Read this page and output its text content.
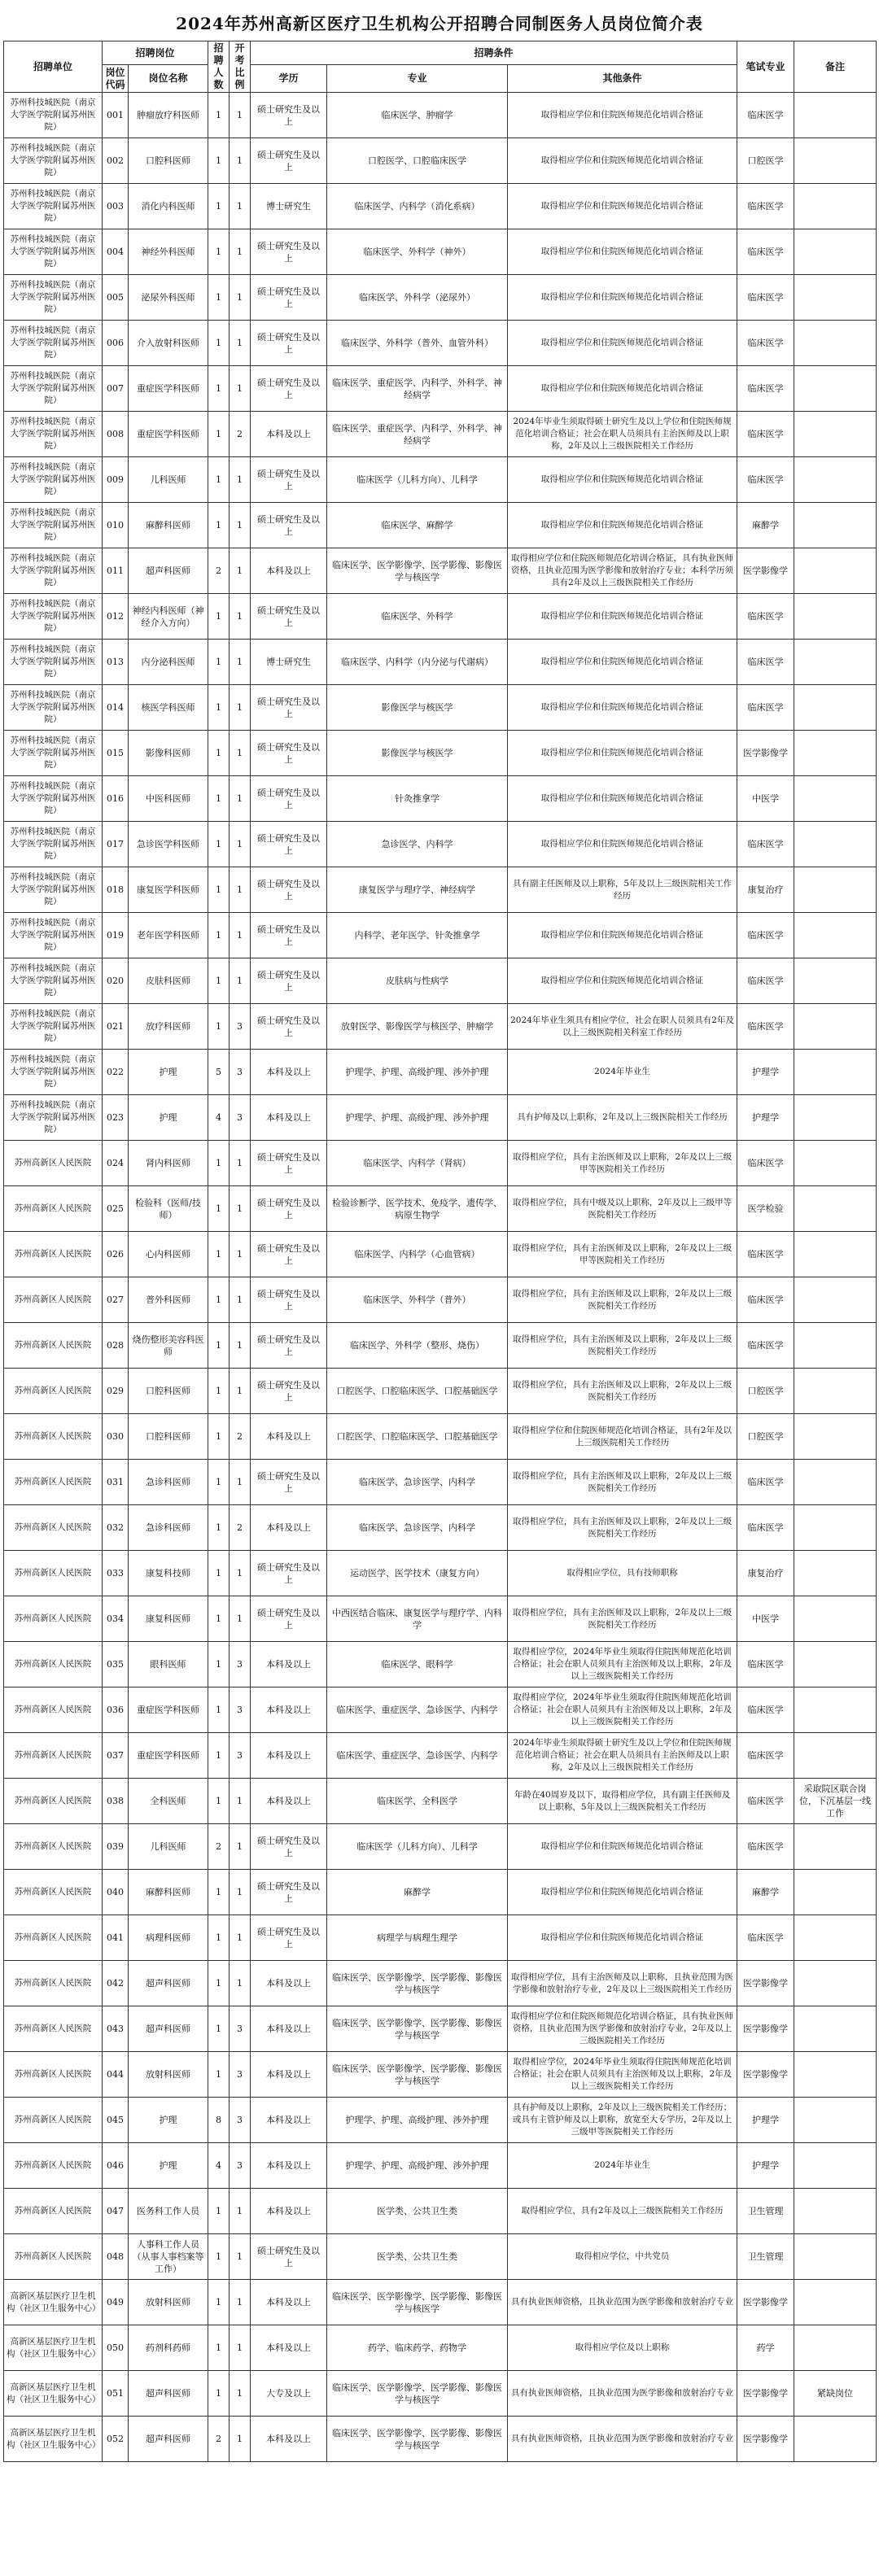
2024年苏州高新区医疗卫生机构公开招聘合同制医务人员岗位简介表
招聘单位	招聘岗位		招聘人数	开考比例	招聘条件			笔试专业	备注
	岗位代码	岗位名称			学历	专业	其他条件		
苏州科技城医院（南京大学医学院附属苏州医院）	001	肿瘤放疗科医师	1	1	硕士研究生及以上	临床医学、肿瘤学	取得相应学位和住院医师规范化培训合格证	临床医学	
苏州科技城医院（南京大学医学院附属苏州医院）	002	口腔科医师	1	1	硕士研究生及以上	口腔医学、口腔临床医学	取得相应学位和住院医师规范化培训合格证	口腔医学	
苏州科技城医院（南京大学医学院附属苏州医院）	003	消化内科医师	1	1	博士研究生	临床医学、内科学（消化系病）	取得相应学位和住院医师规范化培训合格证	临床医学	
苏州科技城医院（南京大学医学院附属苏州医院）	004	神经外科医师	1	1	硕士研究生及以上	临床医学、外科学（神外）	取得相应学位和住院医师规范化培训合格证	临床医学	
苏州科技城医院（南京大学医学院附属苏州医院）	005	泌尿外科医师	1	1	硕士研究生及以上	临床医学、外科学（泌尿外）	取得相应学位和住院医师规范化培训合格证	临床医学	
苏州科技城医院（南京大学医学院附属苏州医院）	006	介入放射科医师	1	1	硕士研究生及以上	临床医学、外科学（普外、血管外科）	取得相应学位和住院医师规范化培训合格证	临床医学	
苏州科技城医院（南京大学医学院附属苏州医院）	007	重症医学科医师	1	1	硕士研究生及以上	临床医学、重症医学、内科学、外科学、神经病学	取得相应学位和住院医师规范化培训合格证	临床医学	
苏州科技城医院（南京大学医学院附属苏州医院）	008	重症医学科医师	1	2	本科及以上	临床医学、重症医学、内科学、外科学、神经病学	2024年毕业生须取得硕士研究生及以上学位和住院医师规范化培训合格证；社会在职人员须具有主治医师及以上职称，2年及以上三级医院相关工作经历	临床医学	
苏州科技城医院（南京大学医学院附属苏州医院）	009	儿科医师	1	1	硕士研究生及以上	临床医学（儿科方向）、儿科学	取得相应学位和住院医师规范化培训合格证	临床医学	
苏州科技城医院（南京大学医学院附属苏州医院）	010	麻醉科医师	1	1	硕士研究生及以上	临床医学、麻醉学	取得相应学位和住院医师规范化培训合格证	麻醉学	
苏州科技城医院（南京大学医学院附属苏州医院）	011	超声科医师	2	1	本科及以上	临床医学、医学影像学、医学影像、影像医学与核医学	取得相应学位和住院医师规范化培训合格证，具有执业医师资格，且执业范围为医学影像和放射治疗专业；本科学历须具有2年及以上三级医院相关工作经历	医学影像学	
苏州科技城医院（南京大学医学院附属苏州医院）	012	神经内科医师（神经介入方向）	1	1	硕士研究生及以上	临床医学、外科学	取得相应学位和住院医师规范化培训合格证	临床医学	
苏州科技城医院（南京大学医学院附属苏州医院）	013	内分泌科医师	1	1	博士研究生	临床医学、内科学（内分泌与代谢病）	取得相应学位和住院医师规范化培训合格证	临床医学	
苏州科技城医院（南京大学医学院附属苏州医院）	014	核医学科医师	1	1	硕士研究生及以上	影像医学与核医学	取得相应学位和住院医师规范化培训合格证	临床医学	
苏州科技城医院（南京大学医学院附属苏州医院）	015	影像科医师	1	1	硕士研究生及以上	影像医学与核医学	取得相应学位和住院医师规范化培训合格证	医学影像学	
苏州科技城医院（南京大学医学院附属苏州医院）	016	中医科医师	1	1	硕士研究生及以上	针灸推拿学	取得相应学位和住院医师规范化培训合格证	中医学	
苏州科技城医院（南京大学医学院附属苏州医院）	017	急诊医学科医师	1	1	硕士研究生及以上	急诊医学、内科学	取得相应学位和住院医师规范化培训合格证	临床医学	
苏州科技城医院（南京大学医学院附属苏州医院）	018	康复医学科医师	1	1	硕士研究生及以上	康复医学与理疗学、神经病学	具有副主任医师及以上职称，5年及以上三级医院相关工作经历	康复治疗	
苏州科技城医院（南京大学医学院附属苏州医院）	019	老年医学科医师	1	1	硕士研究生及以上	内科学、老年医学、针灸推拿学	取得相应学位和住院医师规范化培训合格证	临床医学	
苏州科技城医院（南京大学医学院附属苏州医院）	020	皮肤科医师	1	1	硕士研究生及以上	皮肤病与性病学	取得相应学位和住院医师规范化培训合格证	临床医学	
苏州科技城医院（南京大学医学院附属苏州医院）	021	放疗科医师	1	3	硕士研究生及以上	放射医学、影像医学与核医学、肿瘤学	2024年毕业生须具有相应学位，社会在职人员须具有2年及以上三级医院相关科室工作经历	临床医学	
苏州科技城医院（南京大学医学院附属苏州医院）	022	护理	5	3	本科及以上	护理学、护理、高级护理、涉外护理	2024年毕业生	护理学	
苏州科技城医院（南京大学医学院附属苏州医院）	023	护理	4	3	本科及以上	护理学、护理、高级护理、涉外护理	具有护师及以上职称，2年及以上三级医院相关工作经历	护理学	
苏州高新区人民医院	024	肾内科医师	1	1	硕士研究生及以上	临床医学、内科学（肾病）	取得相应学位，具有主治医师及以上职称，2年及以上三级甲等医院相关工作经历	临床医学	
苏州高新区人民医院	025	检验科（医师/技师）	1	1	硕士研究生及以上	检验诊断学、医学技术、免疫学、遗传学、病原生物学	取得相应学位，具有中级及以上职称，2年及以上三级甲等医院相关工作经历	医学检验	
苏州高新区人民医院	026	心内科医师	1	1	硕士研究生及以上	临床医学、内科学（心血管病）	取得相应学位，具有主治医师及以上职称，2年及以上三级甲等医院相关工作经历	临床医学	
苏州高新区人民医院	027	普外科医师	1	1	硕士研究生及以上	临床医学、外科学（普外）	取得相应学位，具有主治医师及以上职称，2年及以上三级医院相关工作经历	临床医学	
苏州高新区人民医院	028	烧伤整形美容科医师	1	1	硕士研究生及以上	临床医学、外科学（整形、烧伤）	取得相应学位，具有主治医师及以上职称，2年及以上三级医院相关工作经历	临床医学	
苏州高新区人民医院	029	口腔科医师	1	1	硕士研究生及以上	口腔医学、口腔临床医学、口腔基础医学	取得相应学位，具有主治医师及以上职称，2年及以上三级医院相关工作经历	口腔医学	
苏州高新区人民医院	030	口腔科医师	1	2	本科及以上	口腔医学、口腔临床医学、口腔基础医学	取得相应学位和住院医师规范化培训合格证，具有2年及以上三级医院相关工作经历	口腔医学	
苏州高新区人民医院	031	急诊科医师	1	1	硕士研究生及以上	临床医学、急诊医学、内科学	取得相应学位，具有主治医师及以上职称，2年及以上三级医院相关工作经历	临床医学	
苏州高新区人民医院	032	急诊科医师	1	2	本科及以上	临床医学、急诊医学、内科学	取得相应学位，具有主治医师及以上职称，2年及以上三级医院相关工作经历	临床医学	
苏州高新区人民医院	033	康复科技师	1	1	硕士研究生及以上	运动医学、医学技术（康复方向）	取得相应学位，具有技师职称	康复治疗	
苏州高新区人民医院	034	康复科医师	1	1	硕士研究生及以上	中西医结合临床、康复医学与理疗学、内科学	取得相应学位，具有主治医师及以上职称，2年及以上三级医院相关工作经历	中医学	
苏州高新区人民医院	035	眼科医师	1	3	本科及以上	临床医学、眼科学	取得相应学位，2024年毕业生须取得住院医师规范化培训合格证；社会在职人员须具有主治医师及以上职称，2年及以上三级医院相关工作经历	临床医学	
苏州高新区人民医院	036	重症医学科医师	1	3	本科及以上	临床医学、重症医学、急诊医学、内科学	取得相应学位，2024年毕业生须取得住院医师规范化培训合格证；社会在职人员须具有主治医师及以上职称，2年及以上三级医院相关工作经历	临床医学	
苏州高新区人民医院	037	重症医学科医师	1	3	本科及以上	临床医学、重症医学、急诊医学、内科学	2024年毕业生须取得硕士研究生及以上学位和住院医师规范化培训合格证；社会在职人员须具有主治医师及以上职称，2年及以上三级医院相关工作经历	临床医学	
苏州高新区人民医院	038	全科医师	1	1	本科及以上	临床医学、全科医学	年龄在40周岁及以下，取得相应学位，具有副主任医师及以上职称，5年及以上三级医院相关工作经历	临床医学	采取院区联合岗位，下沉基层一线工作
苏州高新区人民医院	039	儿科医师	2	1	硕士研究生及以上	临床医学（儿科方向）、儿科学	取得相应学位和住院医师规范化培训合格证	临床医学	
苏州高新区人民医院	040	麻醉科医师	1	1	硕士研究生及以上	麻醉学	取得相应学位和住院医师规范化培训合格证	麻醉学	
苏州高新区人民医院	041	病理科医师	1	1	硕士研究生及以上	病理学与病理生理学	取得相应学位和住院医师规范化培训合格证	临床医学	
苏州高新区人民医院	042	超声科医师	1	1	本科及以上	临床医学、医学影像学、医学影像、影像医学与核医学	取得相应学位，具有主治医师及以上职称，且执业范围为医学影像和放射治疗专业，2年及以上三级医院相关工作经历	医学影像学	
苏州高新区人民医院	043	超声科医师	1	3	本科及以上	临床医学、医学影像学、医学影像、影像医学与核医学	取得相应学位和住院医师规范化培训合格证，具有执业医师资格，且执业范围为医学影像和放射治疗专业，2年及以上三级医院相关工作经历	医学影像学	
苏州高新区人民医院	044	放射科医师	1	3	本科及以上	临床医学、医学影像学、医学影像、影像医学与核医学	取得相应学位，2024年毕业生须取得住院医师规范化培训合格证；社会在职人员须具有主治医师及以上职称，2年及以上三级医院相关工作经历	医学影像学	
苏州高新区人民医院	045	护理	8	3	本科及以上	护理学、护理、高级护理、涉外护理	具有护师及以上职称，2年及以上三级医院相关工作经历；或具有主管护师及以上职称，放宽至大专学历，2年及以上三级甲等医院相关工作经历	护理学	
苏州高新区人民医院	046	护理	4	3	本科及以上	护理学、护理、高级护理、涉外护理	2024年毕业生	护理学	
苏州高新区人民医院	047	医务科工作人员	1	1	本科及以上	医学类、公共卫生类	取得相应学位，具有2年及以上三级医院相关工作经历	卫生管理	
苏州高新区人民医院	048	人事科工作人员（从事人事档案等工作）	1	1	硕士研究生及以上	医学类、公共卫生类	取得相应学位，中共党员	卫生管理	
高新区基层医疗卫生机构（社区卫生服务中心）	049	放射科医师	1	1	本科及以上	临床医学、医学影像学、医学影像、影像医学与核医学	具有执业医师资格，且执业范围为医学影像和放射治疗专业	医学影像学	
高新区基层医疗卫生机构（社区卫生服务中心）	050	药剂科药师	1	1	本科及以上	药学、临床药学、药物学	取得相应学位及以上职称	药学	
高新区基层医疗卫生机构（社区卫生服务中心）	051	超声科医师	1	1	大专及以上	临床医学、医学影像学、医学影像、影像医学与核医学	具有执业医师资格，且执业范围为医学影像和放射治疗专业	医学影像学	紧缺岗位
高新区基层医疗卫生机构（社区卫生服务中心）	052	超声科医师	2	1	本科及以上	临床医学、医学影像学、医学影像、影像医学与核医学	具有执业医师资格，且执业范围为医学影像和放射治疗专业	医学影像学	
